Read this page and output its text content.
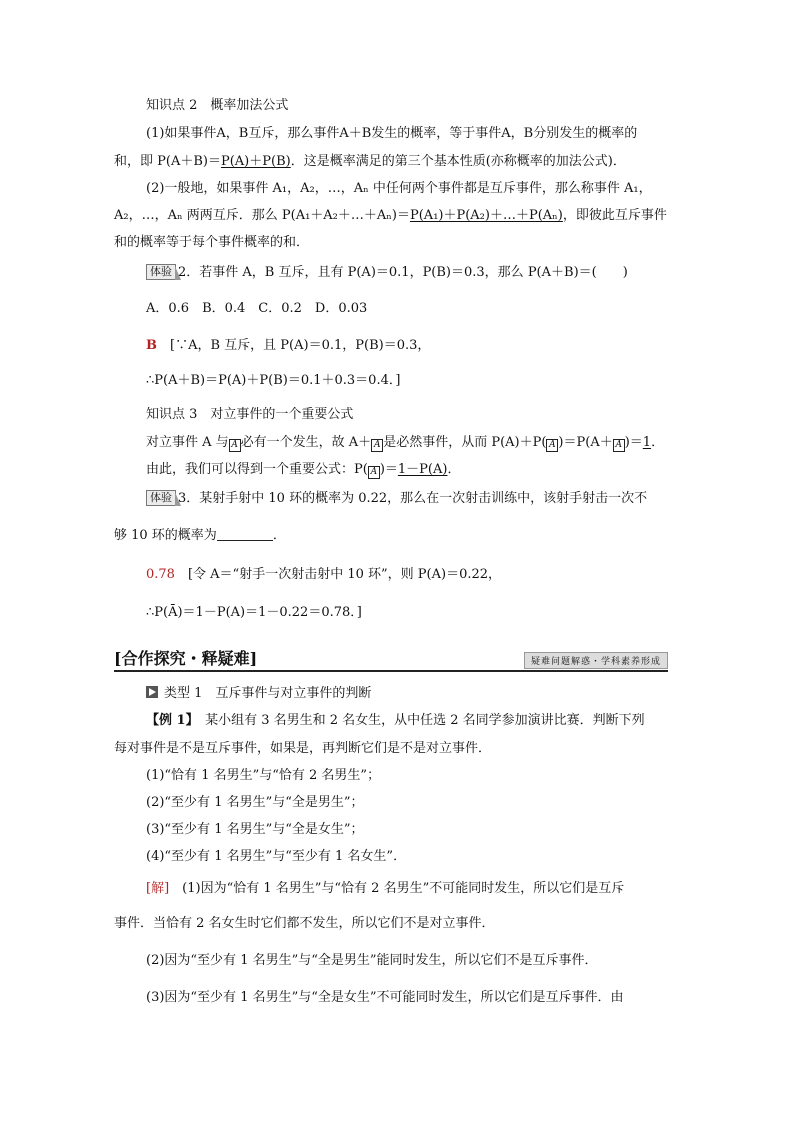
知识点 2　概率加法公式
(1)如果事件A，B互斥，那么事件A＋B发生的概率，等于事件A，B分别发生的概率的
和，即 P(A＋B)＝P(A)＋P(B)．这是概率满足的第三个基本性质(亦称概率的加法公式)．
(2)一般地，如果事件 A₁，A₂，…，Aₙ 中任何两个事件都是互斥事件，那么称事件 A₁，
A₂，…，Aₙ 两两互斥．那么 P(A₁＋A₂＋…＋Aₙ)＝P(A₁)＋P(A₂)＋…＋P(Aₙ)，即彼此互斥事件
和的概率等于每个事件概率的和．
体验 2．若事件 A，B 互斥，且有 P(A)＝0.1，P(B)＝0.3，那么 P(A＋B)＝(　　)
A．0.6　B．0.4　C．0.2　D．0.03
B　 [∵A，B 互斥，且 P(A)＝0.1，P(B)＝0.3，
∴P(A＋B)＝P(A)＋P(B)＝0.1＋0.3＝0.4．]
知识点 3　对立事件的一个重要公式
对立事件 A 与 A 必有一个发生，故 A＋ A 是必然事件，从而 P(A)＋P( A )＝P(A＋ A )＝1．
由此，我们可以得到一个重要公式：P( A )＝1－P(A)．
体验 3．某射手射中 10 环的概率为 0.22，那么在一次射击训练中，该射手射击一次不
够 10 环的概率为	．
0.78　 [令 A＝“射手一次射击射中 10 环”，则 P(A)＝0.22，
∴P(Ā)＝1－P(A)＝1－0.22＝0.78．]
[合作探究・释疑难]	疑难问题解惑・学科素养形成
类型 1　互斥事件与对立事件的判断
【例 1】　某小组有 3 名男生和 2 名女生，从中任选 2 名同学参加演讲比赛．判断下列
每对事件是不是互斥事件，如果是，再判断它们是不是对立事件．
(1)“恰有 1 名男生”与“恰有 2 名男生”；
(2)“至少有 1 名男生”与“全是男生”；
(3)“至少有 1 名男生”与“全是女生”；
(4)“至少有 1 名男生”与“至少有 1 名女生”．
[解]　(1)因为“恰有 1 名男生”与“恰有 2 名男生”不可能同时发生，所以它们是互斥
事件．当恰有 2 名女生时它们都不发生，所以它们不是对立事件．
(2)因为“至少有 1 名男生”与“全是男生”能同时发生，所以它们不是互斥事件．
(3)因为“至少有 1 名男生”与“全是女生”不可能同时发生，所以它们是互斥事件．由
